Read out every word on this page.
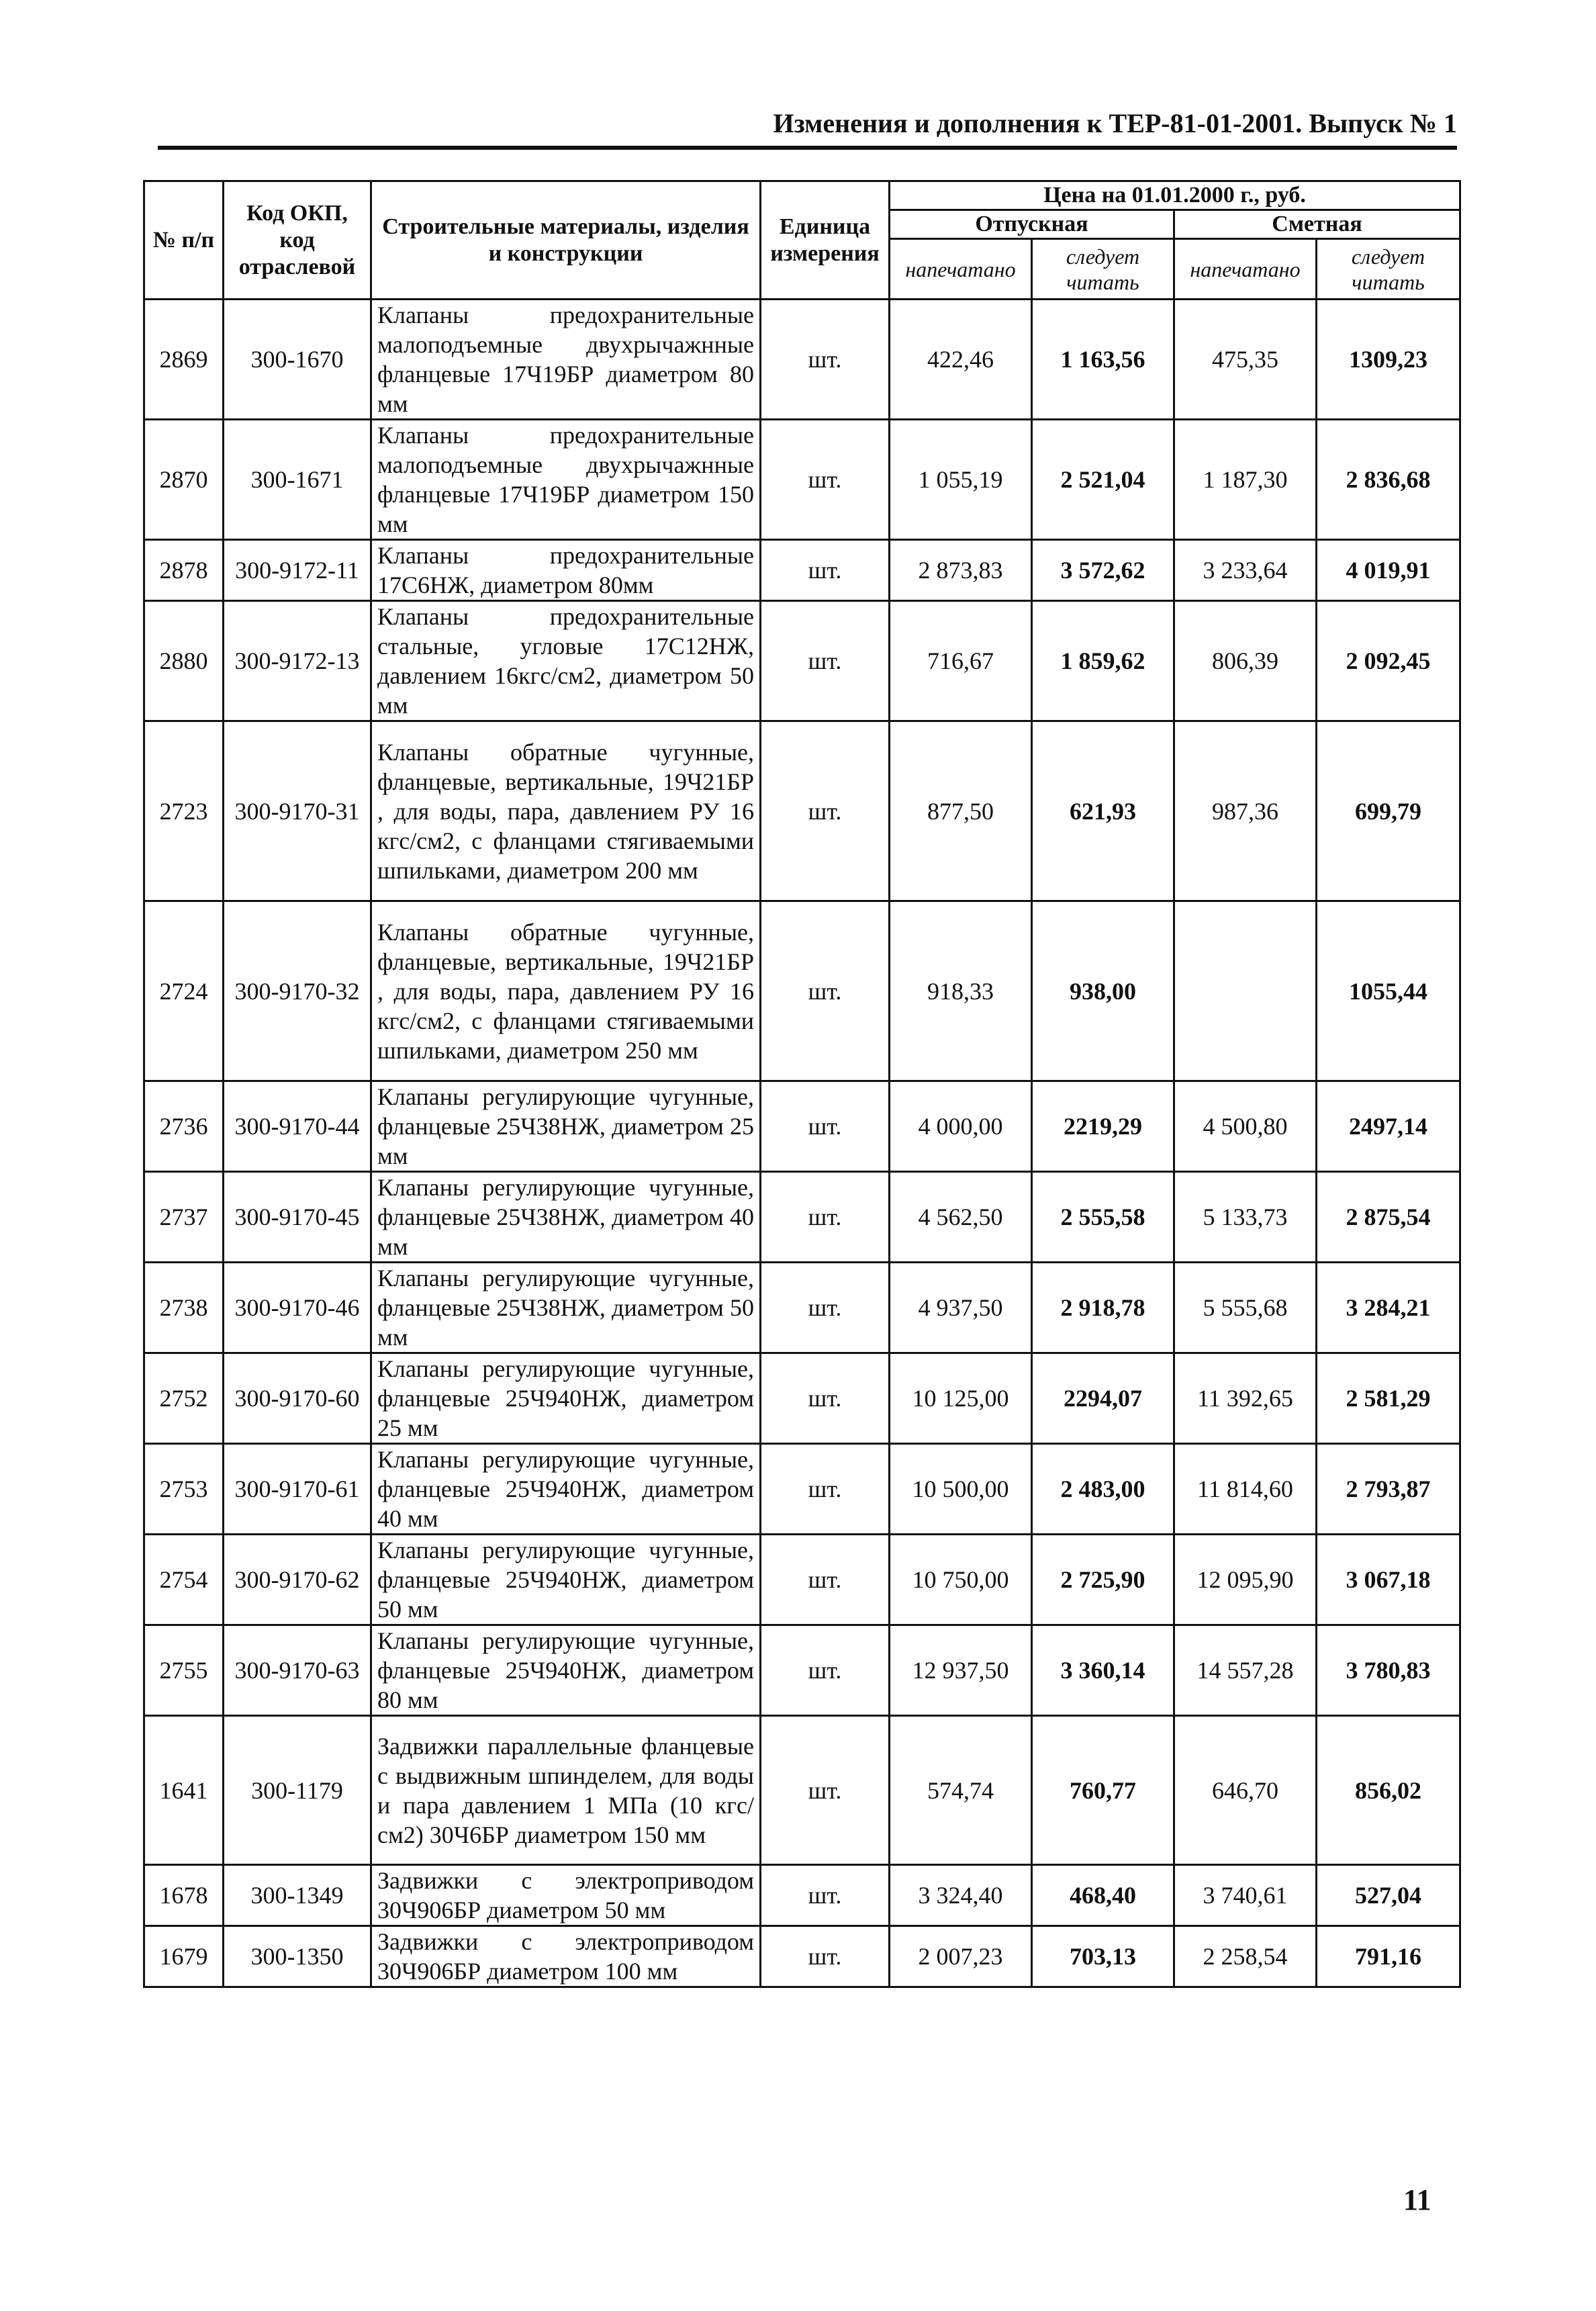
Изменения и дополнения к ТЕР-81-01-2001. Выпуск № 1
№ п/п	Код ОКП, код отраслевой	Строительные материалы, изделия и конструкции	Единица измерения	Цена на 01.01.2000 г., руб.			
				Отпускная		Сметная	
				напечатано	следует читать	напечатано	следует читать
2869	300-1670	Клапаны предохранительные малоподъемные двухрычажнные фланцевые 17Ч19БР диаметром 80 мм	шт.	422,46	1 163,56	475,35	1309,23
2870	300-1671	Клапаны предохранительные малоподъемные двухрычажнные фланцевые 17Ч19БР диаметром 150 мм	шт.	1 055,19	2 521,04	1 187,30	2 836,68
2878	300-9172-11	Клапаны предохранительные 17С6НЖ, диаметром 80мм	шт.	2 873,83	3 572,62	3 233,64	4 019,91
2880	300-9172-13	Клапаны предохранительные стальные, угловые 17С12НЖ, давлением 16кгс/см2, диаметром 50 мм	шт.	716,67	1 859,62	806,39	2 092,45
2723	300-9170-31	Клапаны обратные чугунные, фланцевые, вертикальные, 19Ч21БР , для воды, пара, давлением РУ 16 кгс/см2, с фланцами стягиваемыми шпильками, диаметром 200 мм	шт.	877,50	621,93	987,36	699,79
2724	300-9170-32	Клапаны обратные чугунные, фланцевые, вертикальные, 19Ч21БР , для воды, пара, давлением РУ 16 кгс/см2, с фланцами стягиваемыми шпильками, диаметром 250 мм	шт.	918,33	938,00		1055,44
2736	300-9170-44	Клапаны регулирующие чугунные, фланцевые 25Ч38НЖ, диаметром 25 мм	шт.	4 000,00	2219,29	4 500,80	2497,14
2737	300-9170-45	Клапаны регулирующие чугунные, фланцевые 25Ч38НЖ, диаметром 40 мм	шт.	4 562,50	2 555,58	5 133,73	2 875,54
2738	300-9170-46	Клапаны регулирующие чугунные, фланцевые 25Ч38НЖ, диаметром 50 мм	шт.	4 937,50	2 918,78	5 555,68	3 284,21
2752	300-9170-60	Клапаны регулирующие чугунные, фланцевые 25Ч940НЖ, диаметром 25 мм	шт.	10 125,00	2294,07	11 392,65	2 581,29
2753	300-9170-61	Клапаны регулирующие чугунные, фланцевые 25Ч940НЖ, диаметром 40 мм	шт.	10 500,00	2 483,00	11 814,60	2 793,87
2754	300-9170-62	Клапаны регулирующие чугунные, фланцевые 25Ч940НЖ, диаметром 50 мм	шт.	10 750,00	2 725,90	12 095,90	3 067,18
2755	300-9170-63	Клапаны регулирующие чугунные, фланцевые 25Ч940НЖ, диаметром 80 мм	шт.	12 937,50	3 360,14	14 557,28	3 780,83
1641	300-1179	Задвижки параллельные фланцевые с выдвижным шпинделем, для воды и пара давлением 1 МПа (10 кгс/см2) 30Ч6БР диаметром 150 мм	шт.	574,74	760,77	646,70	856,02
1678	300-1349	Задвижки с электроприводом 30Ч906БР диаметром 50 мм	шт.	3 324,40	468,40	3 740,61	527,04
1679	300-1350	Задвижки с электроприводом 30Ч906БР диаметром 100 мм	шт.	2 007,23	703,13	2 258,54	791,16
11
